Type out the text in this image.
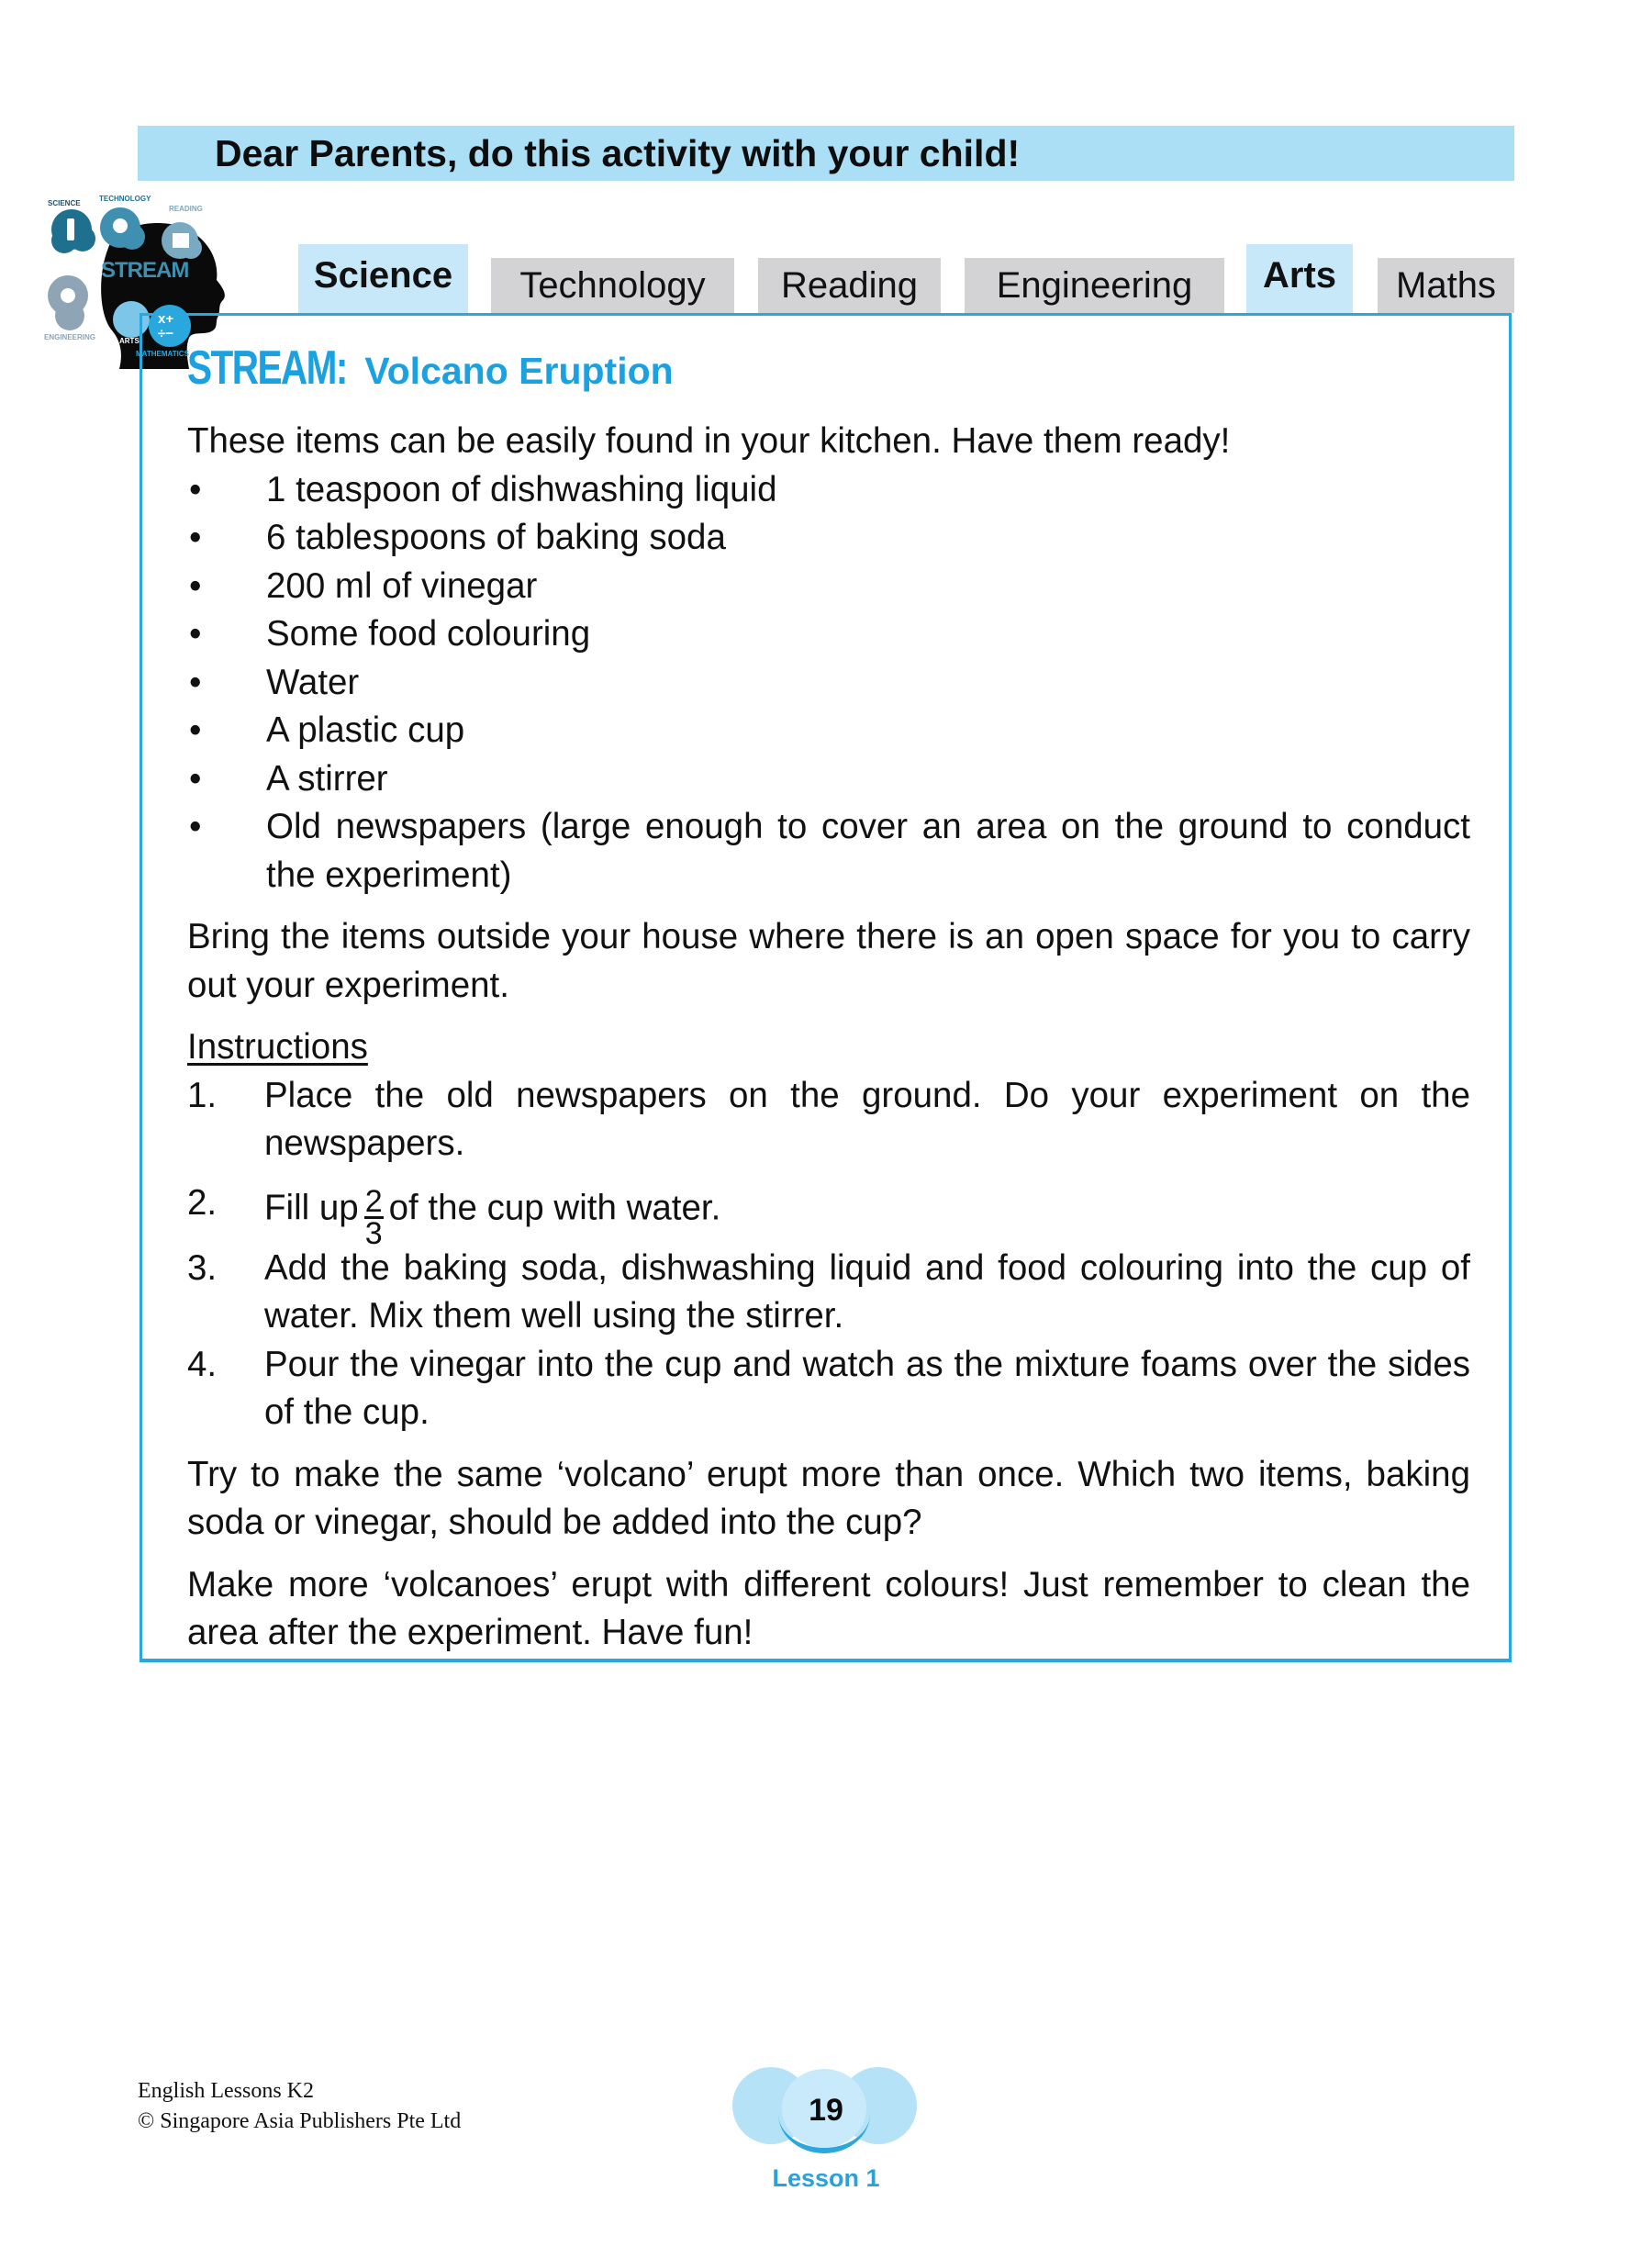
Dear Parents, do this activity with your child!
x+
÷−
SCIENCE
TECHNOLOGY
READING
STREAM
ENGINEERING	ARTS
MATHEMATICS
Science Technology Reading Engineering Arts Maths
STREAM: Volcano Eruption

These items can be easily found in your kitchen. Have them ready!

•	1 teaspoon of dishwashing liquid
•	6 tablespoons of baking soda
•	200 ml of vinegar
•	Some food colouring
•	Water
•	A plastic cup
•	A stirrer
•	Old newspapers (large enough to cover an area on the ground to conduct the experiment)

Bring the items outside your house where there is an open space for you to carry out your experiment.

Instructions

1.	Place the old newspapers on the ground. Do your experiment on the newspapers.
2.	Fill up $\frac{2}{3}$ of the cup with water.
3.	Add the baking soda, dishwashing liquid and food colouring into the cup of water. Mix them well using the stirrer.
4.	Pour the vinegar into the cup and watch as the mixture foams over the sides of the cup.

Try to make the same ‘volcano’ erupt more than once. Which two items, baking soda or vinegar, should be added into the cup?

Make more ‘volcanoes’ erupt with different colours! Just remember to clean the area after the experiment. Have fun!

English Lessons K2
© Singapore Asia Publishers Pte Ltd	19
Lesson 1
